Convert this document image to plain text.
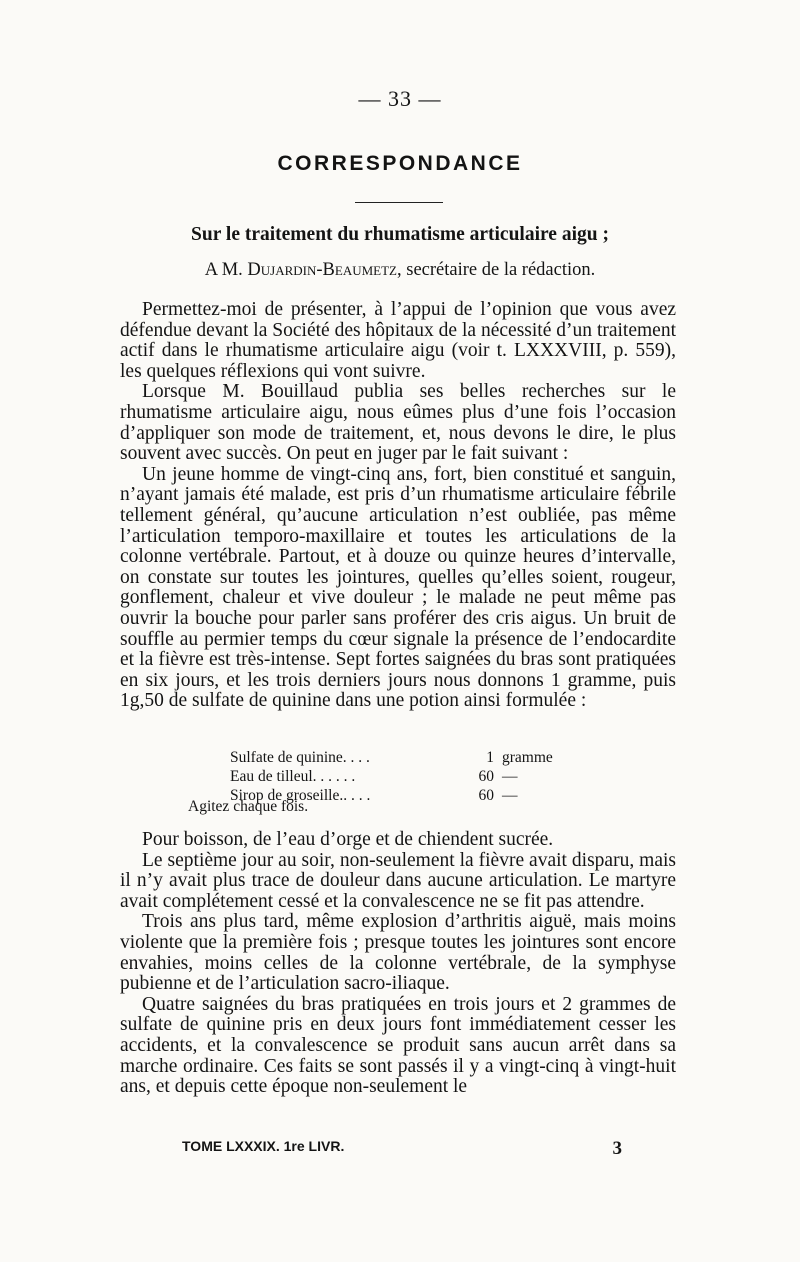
— 33 —
CORRESPONDANCE
Sur le traitement du rhumatisme articulaire aigu ;
A M. Dujardin-Beaumetz, secrétaire de la rédaction.

Permettez-moi de présenter, à l’appui de l’opinion que vous avez défendue devant la Société des hôpitaux de la nécessité d’un traitement actif dans le rhumatisme articulaire aigu (voir t. LXXXVIII, p. 559), les quelques réflexions qui vont suivre.

Lorsque M. Bouillaud publia ses belles recherches sur le rhumatisme articulaire aigu, nous eûmes plus d’une fois l’occasion d’appliquer son mode de traitement, et, nous devons le dire, le plus souvent avec succès. On peut en juger par le fait suivant :

Un jeune homme de vingt-cinq ans, fort, bien constitué et sanguin, n’ayant jamais été malade, est pris d’un rhumatisme articulaire fébrile tellement général, qu’aucune articulation n’est oubliée, pas même l’articulation temporo-maxillaire et toutes les articulations de la colonne vertébrale. Partout, et à douze ou quinze heures d’intervalle, on constate sur toutes les jointures, quelles qu’elles soient, rougeur, gonflement, chaleur et vive douleur ; le malade ne peut même pas ouvrir la bouche pour parler sans proférer des cris aigus. Un bruit de souffle au permier temps du cœur signale la présence de l’endocardite et la fièvre est très-intense. Sept fortes saignées du bras sont pratiquées en six jours, et les trois derniers jours nous donnons 1 gramme, puis 1g,50 de sulfate de quinine dans une potion ainsi formulée :

Sulfate de quinine. . . .	1 gramme
Eau de tilleul. . . . . .	60 —
Sirop de groseille.. . . .	60 —
Agitez chaque fois.

Pour boisson, de l’eau d’orge et de chiendent sucrée.

Le septième jour au soir, non-seulement la fièvre avait disparu, mais il n’y avait plus trace de douleur dans aucune articulation. Le martyre avait complétement cessé et la convalescence ne se fit pas attendre.

Trois ans plus tard, même explosion d’arthritis aiguë, mais moins violente que la première fois ; presque toutes les jointures sont encore envahies, moins celles de la colonne vertébrale, de la symphyse pubienne et de l’articulation sacro-iliaque.

Quatre saignées du bras pratiquées en trois jours et 2 grammes de sulfate de quinine pris en deux jours font immédiatement cesser les accidents, et la convalescence se produit sans aucun arrêt dans sa marche ordinaire. Ces faits se sont passés il y a vingt-cinq à vingt-huit ans, et depuis cette époque non-seulement le

TOME LXXXIX. 1re LIVR.	3
